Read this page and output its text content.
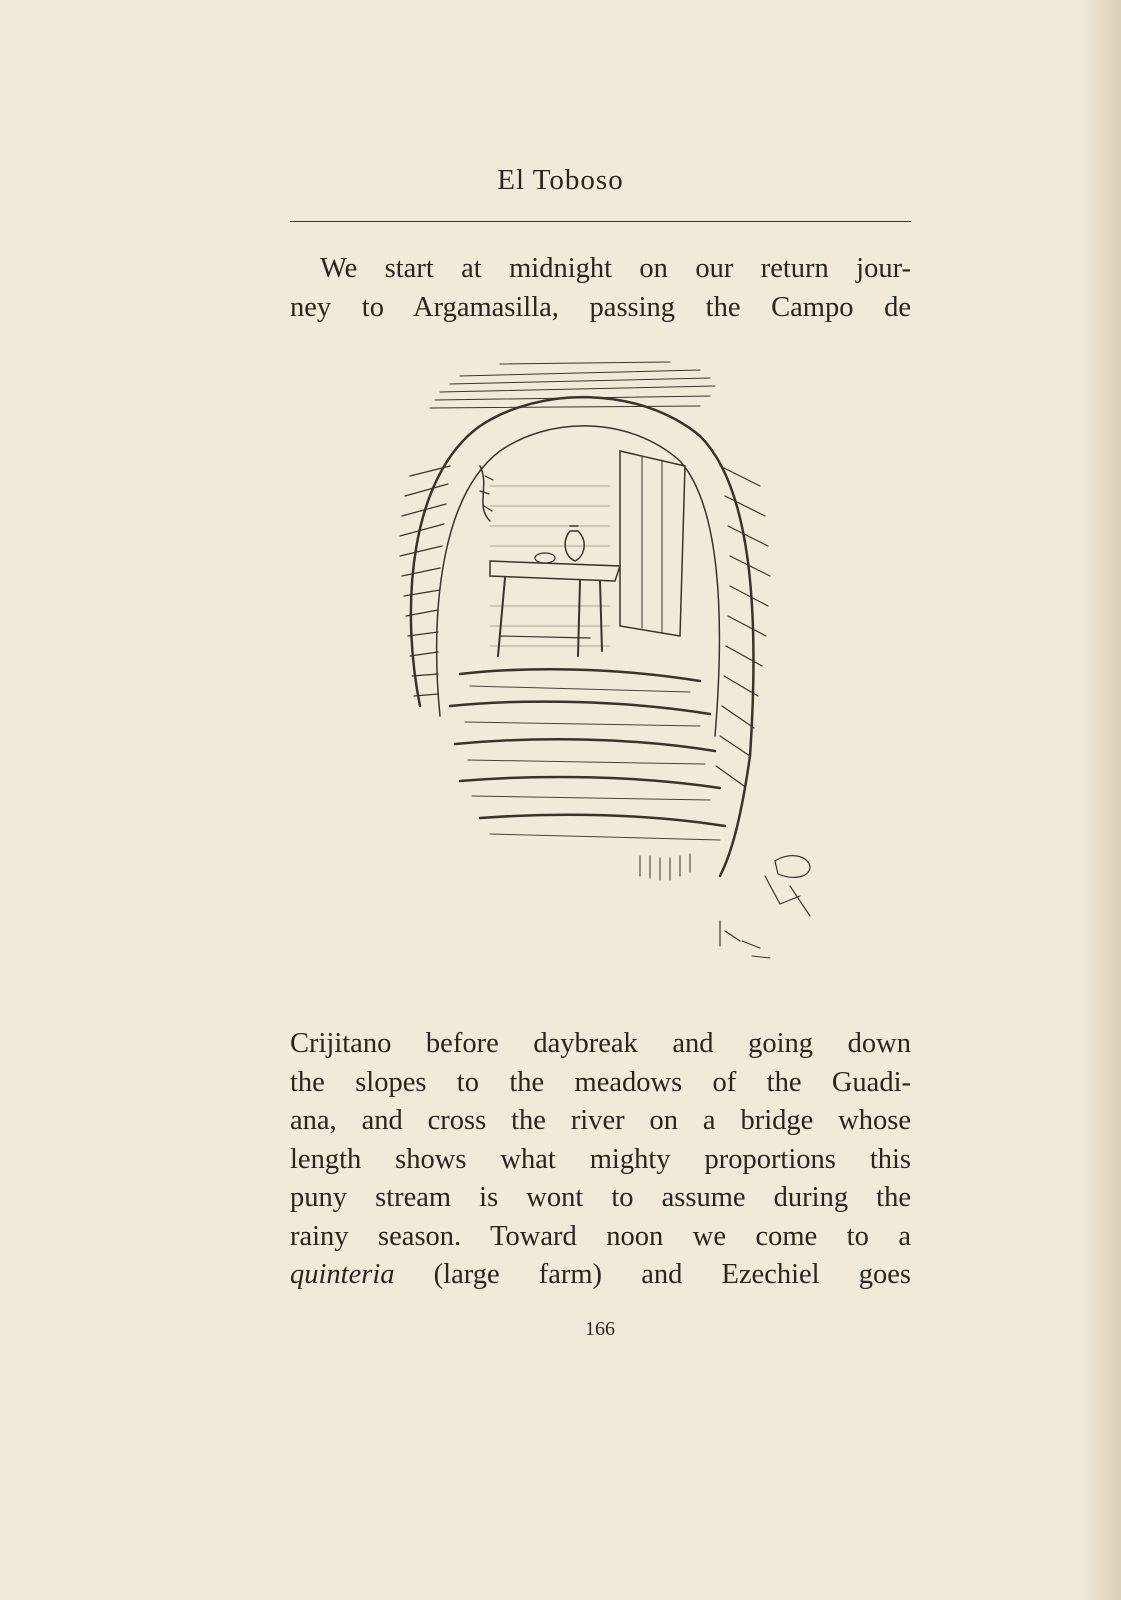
El Toboso
We start at midnight on our return jour-
ney to Argamasilla, passing the Campo de
Crijitano before daybreak and going down
the slopes to the meadows of the Guadi-
ana, and cross the river on a bridge whose
length shows what mighty proportions this
puny stream is wont to assume during the
rainy season. Toward noon we come to a
quinteria (large farm) and Ezechiel goes
166
